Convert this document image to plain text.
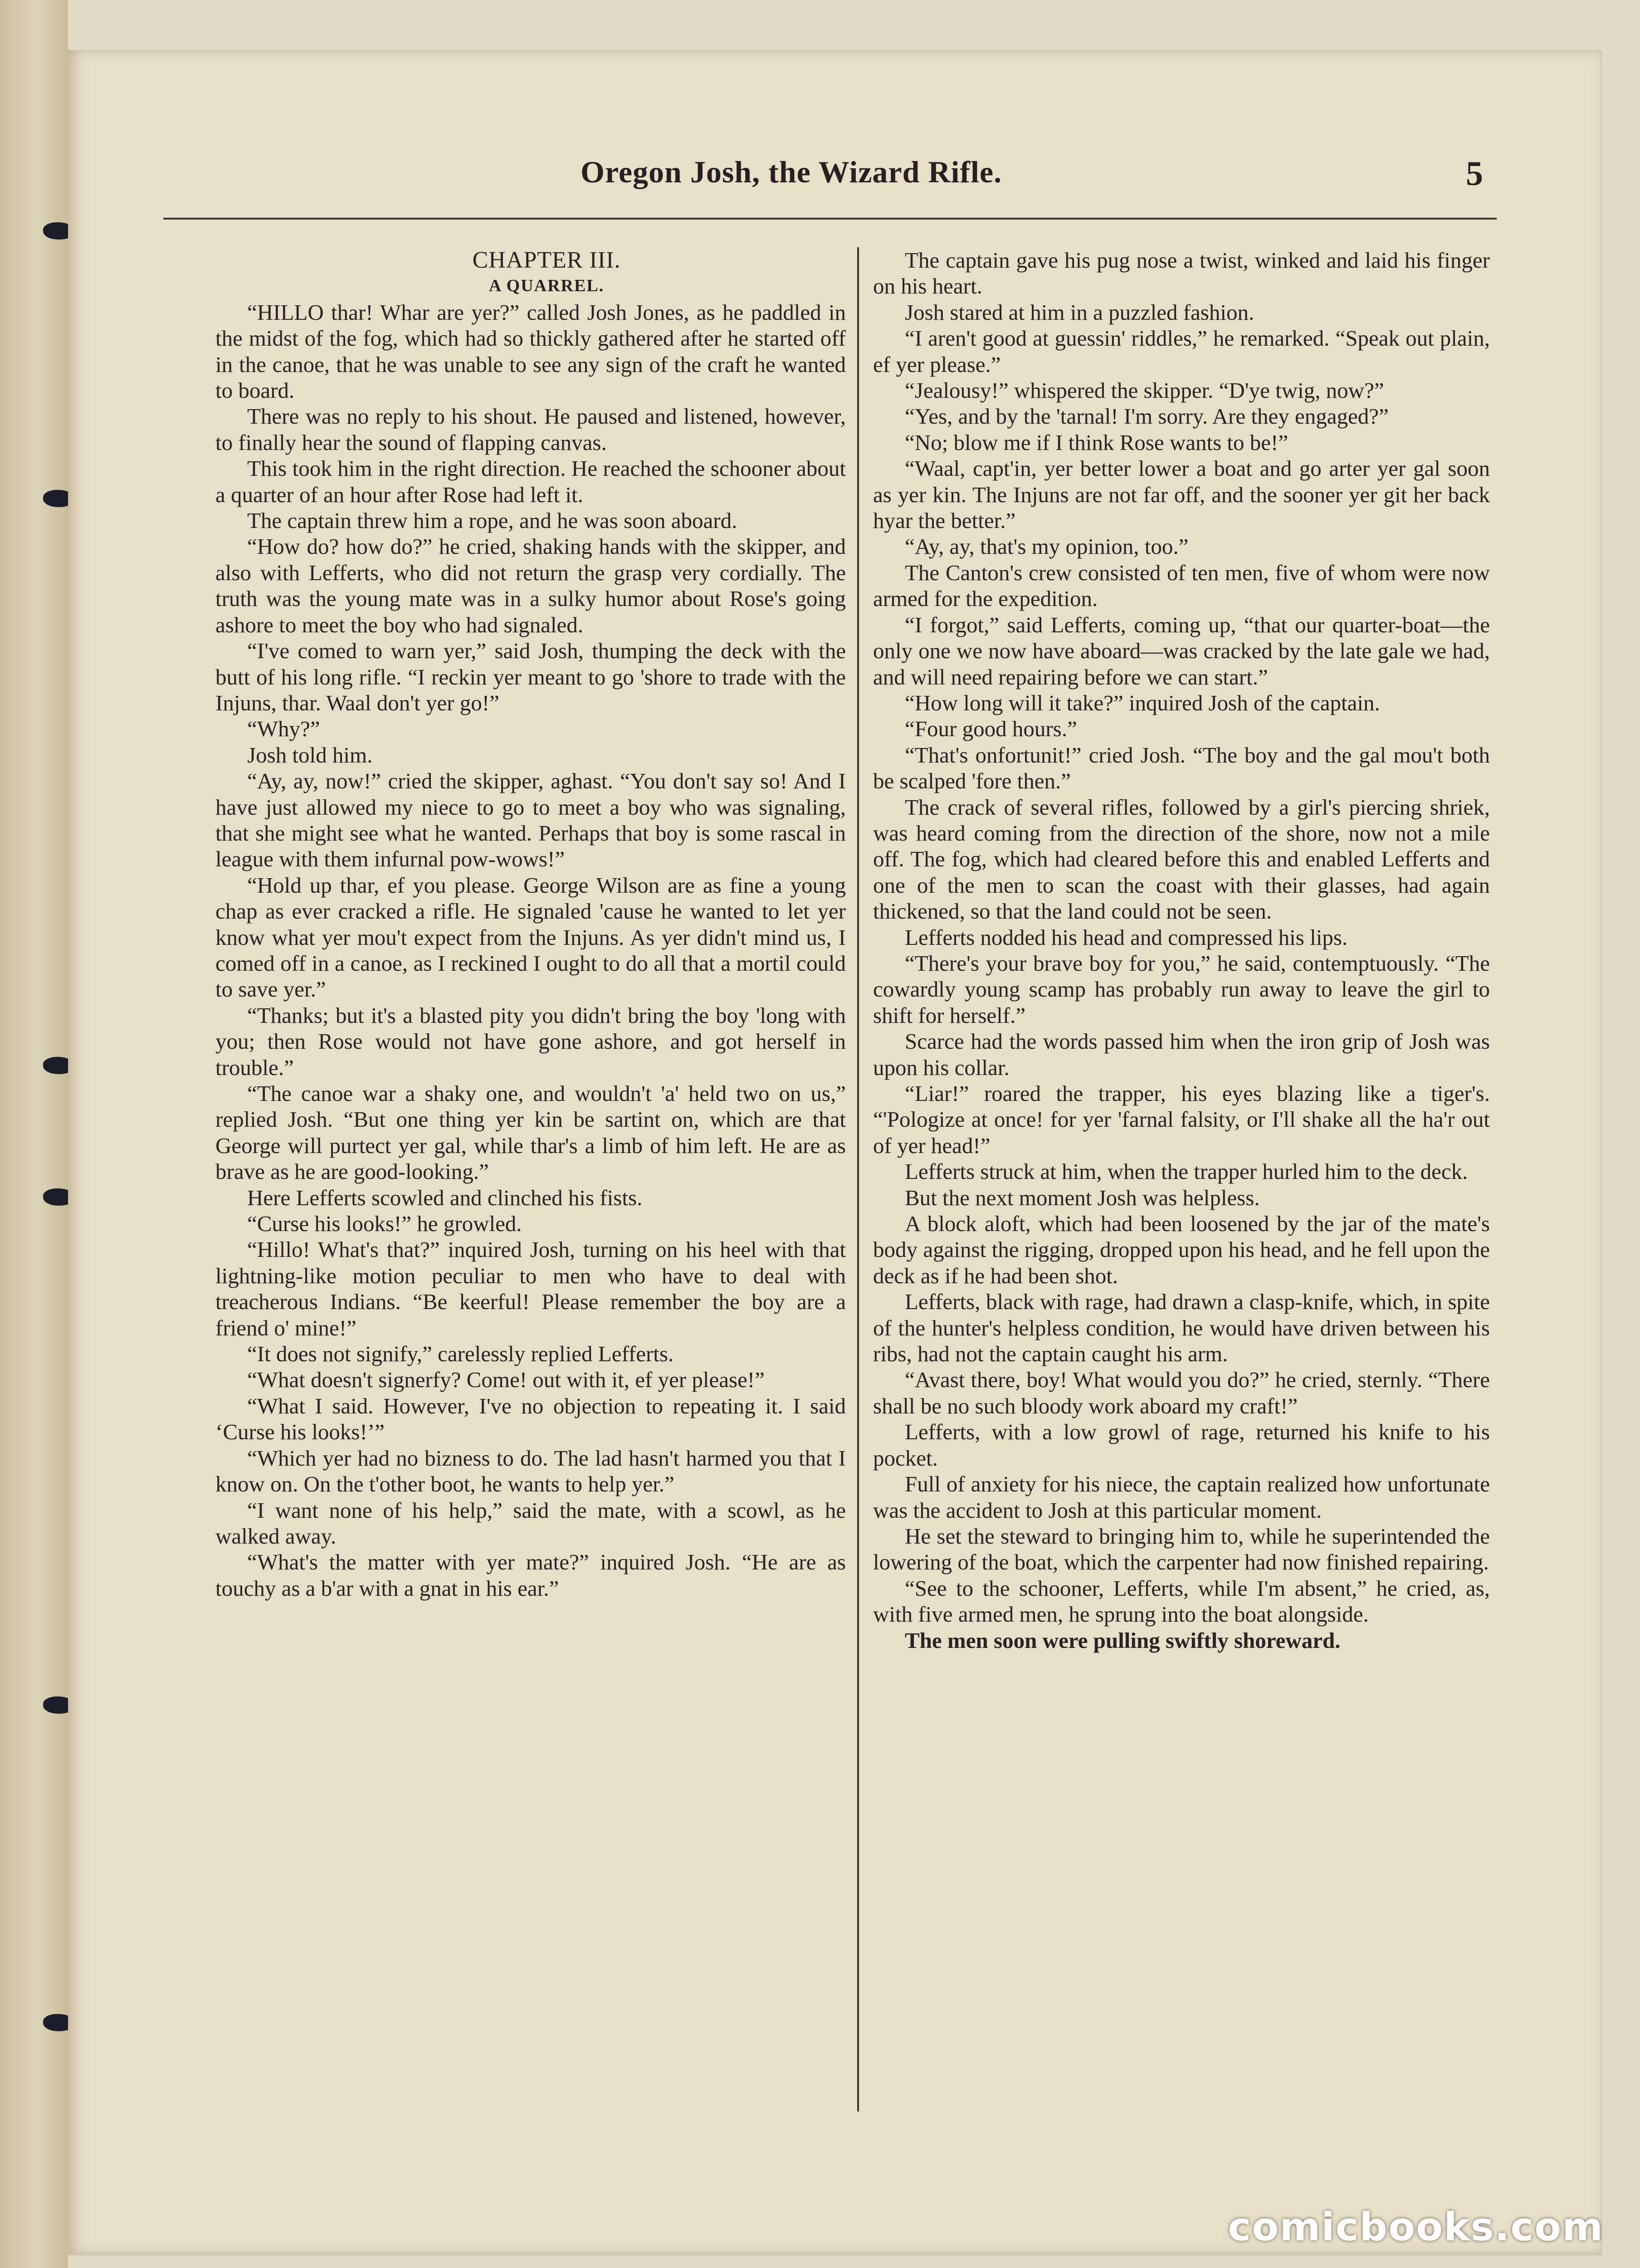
Oregon Josh, the Wizard Rifle.	5

CHAPTER III.

A QUARREL.

“HILLO thar! Whar are yer?” called Josh Jones, as he paddled in the midst of the fog, which had so thickly gathered after he started off in the canoe, that he was unable to see any sign of the craft he wanted to board.

There was no reply to his shout. He paused and listened, however, to finally hear the sound of flapping canvas.

This took him in the right direction. He reached the schooner about a quarter of an hour after Rose had left it.

The captain threw him a rope, and he was soon aboard.

“How do? how do?” he cried, shaking hands with the skipper, and also with Lefferts, who did not return the grasp very cordially. The truth was the young mate was in a sulky humor about Rose's going ashore to meet the boy who had signaled.

“I've comed to warn yer,” said Josh, thumping the deck with the butt of his long rifle. “I reckin yer meant to go 'shore to trade with the Injuns, thar. Waal don't yer go!”

“Why?”

Josh told him.

“Ay, ay, now!” cried the skipper, aghast. “You don't say so! And I have just allowed my niece to go to meet a boy who was signaling, that she might see what he wanted. Perhaps that boy is some rascal in league with them infurnal pow-wows!”

“Hold up thar, ef you please. George Wilson are as fine a young chap as ever cracked a rifle. He signaled 'cause he wanted to let yer know what yer mou't expect from the Injuns. As yer didn't mind us, I comed off in a canoe, as I reckined I ought to do all that a mortil could to save yer.”

“Thanks; but it's a blasted pity you didn't bring the boy 'long with you; then Rose would not have gone ashore, and got herself in trouble.”

“The canoe war a shaky one, and wouldn't 'a' held two on us,” replied Josh. “But one thing yer kin be sartint on, which are that George will purtect yer gal, while thar's a limb of him left. He are as brave as he are good-looking.”

Here Lefferts scowled and clinched his fists.

“Curse his looks!” he growled.

“Hillo! What's that?” inquired Josh, turning on his heel with that lightning-like motion peculiar to men who have to deal with treacherous Indians. “Be keerful! Please remember the boy are a friend o' mine!”

“It does not signify,” carelessly replied Lefferts.

“What doesn't signerfy? Come! out with it, ef yer please!”

“What I said. However, I've no objection to repeating it. I said ‘Curse his looks!’”

“Which yer had no bizness to do. The lad hasn't harmed you that I know on. On the t'other boot, he wants to help yer.”

“I want none of his help,” said the mate, with a scowl, as he walked away.

“What's the matter with yer mate?” inquired Josh. “He are as touchy as a b'ar with a gnat in his ear.”

The captain gave his pug nose a twist, winked and laid his finger on his heart.

Josh stared at him in a puzzled fashion.

“I aren't good at guessin' riddles,” he remarked. “Speak out plain, ef yer please.”

“Jealousy!” whispered the skipper. “D'ye twig, now?”

“Yes, and by the 'tarnal! I'm sorry. Are they engaged?”

“No; blow me if I think Rose wants to be!”

“Waal, capt'in, yer better lower a boat and go arter yer gal soon as yer kin. The Injuns are not far off, and the sooner yer git her back hyar the better.”

“Ay, ay, that's my opinion, too.”

The Canton's crew consisted of ten men, five of whom were now armed for the expedition.

“I forgot,” said Lefferts, coming up, “that our quarter-boat—the only one we now have aboard—was cracked by the late gale we had, and will need repairing before we can start.”

“How long will it take?” inquired Josh of the captain.

“Four good hours.”

“That's onfortunit!” cried Josh. “The boy and the gal mou't both be scalped 'fore then.”

The crack of several rifles, followed by a girl's piercing shriek, was heard coming from the direction of the shore, now not a mile off. The fog, which had cleared before this and enabled Lefferts and one of the men to scan the coast with their glasses, had again thickened, so that the land could not be seen.

Lefferts nodded his head and compressed his lips.

“There's your brave boy for you,” he said, contemptuously. “The cowardly young scamp has probably run away to leave the girl to shift for herself.”

Scarce had the words passed him when the iron grip of Josh was upon his collar.

“Liar!” roared the trapper, his eyes blazing like a tiger's. “'Pologize at once! for yer 'farnal falsity, or I'll shake all the ha'r out of yer head!”

Lefferts struck at him, when the trapper hurled him to the deck.

But the next moment Josh was helpless.

A block aloft, which had been loosened by the jar of the mate's body against the rigging, dropped upon his head, and he fell upon the deck as if he had been shot.

Lefferts, black with rage, had drawn a clasp-knife, which, in spite of the hunter's helpless condition, he would have driven between his ribs, had not the captain caught his arm.

“Avast there, boy! What would you do?” he cried, sternly. “There shall be no such bloody work aboard my craft!”

Lefferts, with a low growl of rage, returned his knife to his pocket.

Full of anxiety for his niece, the captain realized how unfortunate was the accident to Josh at this particular moment.

He set the steward to bringing him to, while he superintended the lowering of the boat, which the carpenter had now finished repairing.

“See to the schooner, Lefferts, while I'm absent,” he cried, as, with five armed men, he sprung into the boat alongside.

The men soon were pulling swiftly shoreward.

comicbooks.com
